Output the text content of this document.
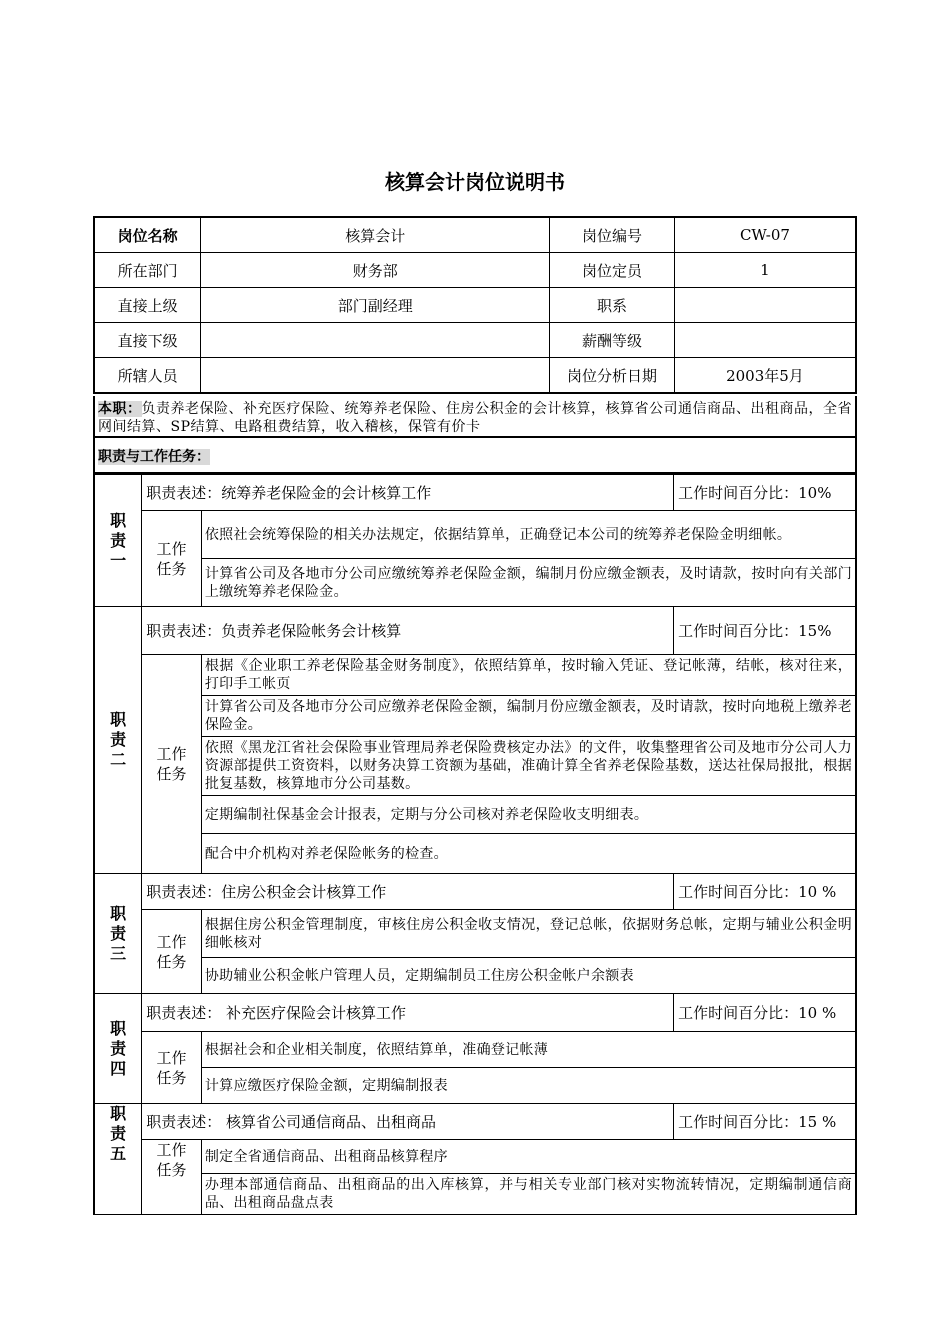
核算会计岗位说明书
岗位名称	核算会计	岗位编号	CW-07
所在部门	财务部	岗位定员	1
直接上级	部门副经理	职系	
直接下级		薪酬等级	
所辖人员		岗位分析日期	2003年5月
本职：负责养老保险、补充医疗保险、统筹养老保险、住房公积金的会计核算，核算省公司通信商品、出租商品，全省网间结算、SP结算、电路租费结算，收入稽核，保管有价卡
职责与工作任务：
职
责
一	职责表述：统筹养老保险金的会计核算工作		工作时间百分比：10%
	工作
任务	依照社会统筹保险的相关办法规定，依据结算单，正确登记本公司的统筹养老保险金明细帐。	
		计算省公司及各地市分公司应缴统筹养老保险金额，编制月份应缴金额表，及时请款，按时向有关部门上缴统筹养老保险金。	
职
责
二	职责表述：负责养老保险帐务会计核算		工作时间百分比：15%
	工作
任务	根据《企业职工养老保险基金财务制度》，依照结算单，按时输入凭证、登记帐薄，结帐，核对往来，打印手工帐页	
		计算省公司及各地市分公司应缴养老保险金额，编制月份应缴金额表，及时请款，按时向地税上缴养老保险金。	
		依照《黑龙江省社会保险事业管理局养老保险费核定办法》的文件，收集整理省公司及地市分公司人力资源部提供工资资料，以财务决算工资额为基础，准确计算全省养老保险基数，送达社保局报批，根据批复基数，核算地市分公司基数。	
		定期编制社保基金会计报表，定期与分公司核对养老保险收支明细表。	
		配合中介机构对养老保险帐务的检查。	
职
责
三	职责表述：住房公积金会计核算工作		工作时间百分比：10 %
	工作
任务	根据住房公积金管理制度，审核住房公积金收支情况，登记总帐，依据财务总帐，定期与辅业公积金明细帐核对	
		协助辅业公积金帐户管理人员，定期编制员工住房公积金帐户余额表	
职
责
四	职责表述： 补充医疗保险会计核算工作		工作时间百分比：10 %
	工作
任务	根据社会和企业相关制度，依照结算单，准确登记帐薄	
		计算应缴医疗保险金额，定期编制报表	
职
责
五	职责表述： 核算省公司通信商品、出租商品		工作时间百分比：15 %
	工作
任务	制定全省通信商品、出租商品核算程序	
		办理本部通信商品、出租商品的出入库核算，并与相关专业部门核对实物流转情况，定期编制通信商品、出租商品盘点表	
